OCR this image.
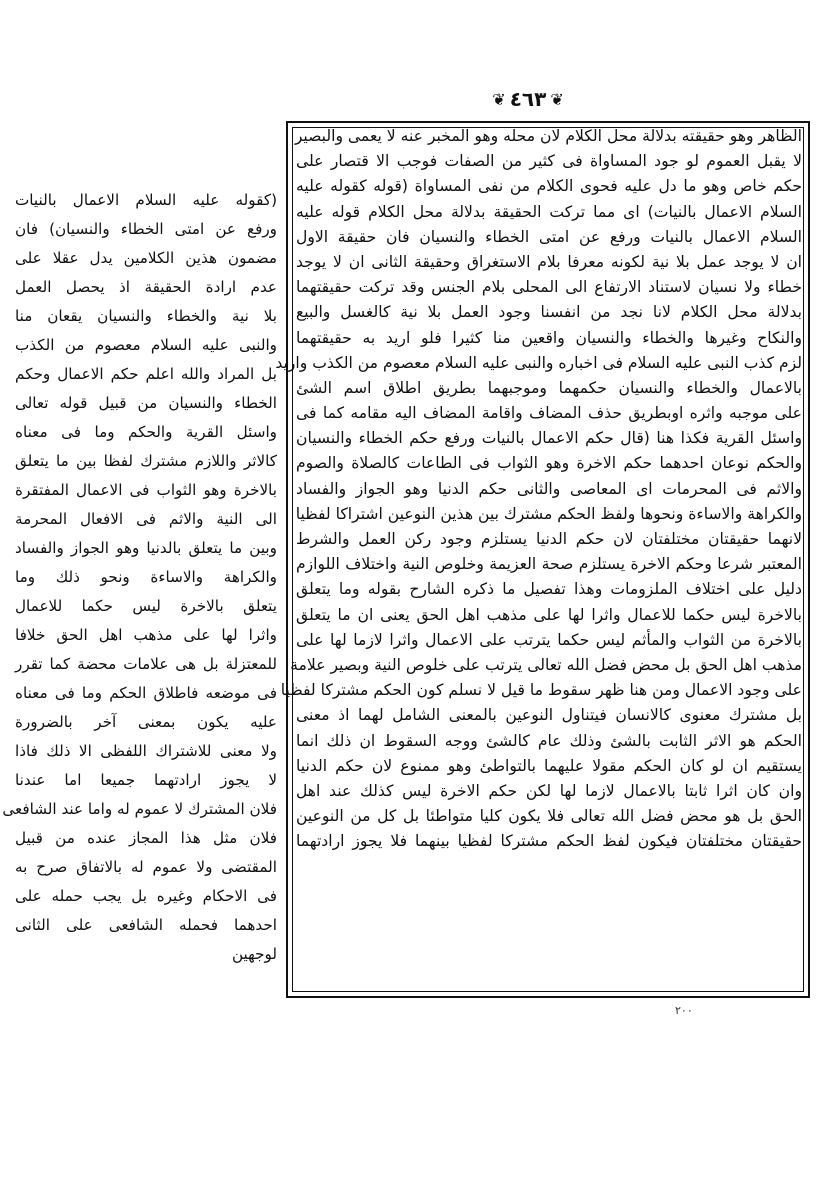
❦ ٤٦٣ ❦
الظاهر وهو حقيقته بدلالة محل الكلام لان محله وهو المخبر عنه لا يعمى والبصير
لا يقبل العموم لو جود المساواة فى كثير من الصفات فوجب الا قتصار على
حكم خاص وهو ما دل عليه فحوى الكلام من نفى المساواة (قوله كقوله عليه
السلام الاعمال بالنيات) اى مما تركت الحقيقة بدلالة محل الكلام قوله عليه
السلام الاعمال بالنيات ورفع عن امتى الخطاء والنسيان فان حقيقة الاول
ان لا يوجد عمل بلا نية لكونه معرفا بلام الاستغراق وحقيقة الثانى ان لا يوجد
خطاء ولا نسيان لاستناد الارتفاع الى المحلى بلام الجنس وقد تركت حقيقتهما
بدلالة محل الكلام لانا نجد من انفسنا وجود العمل بلا نية كالغسل والبيع
والنكاح وغيرها والخطاء والنسيان واقعين منا كثيرا فلو اريد به حقيقتهما
لزم كذب النبى عليه السلام فى اخباره والنبى عليه السلام معصوم من الكذب واريد
بالاعمال والخطاء والنسيان حكمهما وموجبهما بطريق اطلاق اسم الشئ
على موجبه واثره اوبطريق حذف المضاف واقامة المضاف اليه مقامه كما فى
واسئل القرية فكذا هنا (قال حكم الاعمال بالنيات ورفع حكم الخطاء والنسيان
والحكم نوعان احدهما حكم الاخرة وهو الثواب فى الطاعات كالصلاة والصوم
والاثم فى المحرمات اى المعاصى والثانى حكم الدنيا وهو الجواز والفساد
والكراهة والاساءة ونحوها ولفظ الحكم مشترك بين هذين النوعين اشتراكا لفظيا
لانهما حقيقتان مختلفتان لان حكم الدنيا يستلزم وجود ركن العمل والشرط
المعتبر شرعا وحكم الاخرة يستلزم صحة العزيمة وخلوص النية واختلاف اللوازم
دليل على اختلاف الملزومات وهذا تفصيل ما ذكره الشارح بقوله وما يتعلق
بالاخرة ليس حكما للاعمال واثرا لها على مذهب اهل الحق يعنى ان ما يتعلق
بالاخرة من الثواب والمأثم ليس حكما يترتب على الاعمال واثرا لازما لها على
مذهب اهل الحق بل محض فضل الله تعالى يترتب على خلوص النية وبصير علامة
على وجود الاعمال ومن هنا ظهر سقوط ما قيل لا نسلم كون الحكم مشتركا لفظيا
بل مشترك معنوى كالانسان فيتناول النوعين بالمعنى الشامل لهما اذ معنى
الحكم هو الاثر الثابت بالشئ وذلك عام كالشئ ووجه السقوط ان ذلك انما
يستقيم ان لو كان الحكم مقولا عليهما بالتواطئ وهو ممنوع لان حكم الدنيا
وان كان اثرا ثابتا بالاعمال لازما لها لكن حكم الاخرة ليس كذلك عند اهل
الحق بل هو محض فضل الله تعالى فلا يكون كليا متواطئا بل كل من النوعين
حقيقتان مختلفتان فيكون لفظ الحكم مشتركا لفظيا بينهما فلا يجوز ارادتهما
(كقوله عليه السلام الاعمال بالنيات
ورفع عن امتى الخطاء والنسيان) فان
مضمون هذين الكلامين يدل عقلا على
عدم ارادة الحقيقة اذ يحصل العمل
بلا نية والخطاء والنسيان يقعان منا
والنبى عليه السلام معصوم من الكذب
بل المراد والله اعلم حكم الاعمال وحكم
الخطاء والنسيان من قبيل قوله تعالى
واسئل القرية والحكم وما فى معناه
كالاثر واللازم مشترك لفظا بين ما يتعلق
بالاخرة وهو الثواب فى الاعمال المفتقرة
الى النية والاثم فى الافعال المحرمة
وبين ما يتعلق بالدنيا وهو الجواز والفساد
والكراهة والاساءة ونحو ذلك وما
يتعلق بالاخرة ليس حكما للاعمال
واثرا لها على مذهب اهل الحق خلافا
للمعتزلة بل هى علامات محضة كما تقرر
فى موضعه فاطلاق الحكم وما فى معناه
عليه يكون بمعنى آخر بالضرورة
ولا معنى للاشتراك اللفظى الا ذلك فاذا
لا يجوز ارادتهما جميعا اما عندنا
فلان المشترك لا عموم له واما عند الشافعى
فلان مثل هذا المجاز عنده من قبيل
المقتضى ولا عموم له بالاتفاق صرح به
فى الاحكام وغيره بل يجب حمله على
احدهما فحمله الشافعى على الثانى
لوجهين
٢٠٠
